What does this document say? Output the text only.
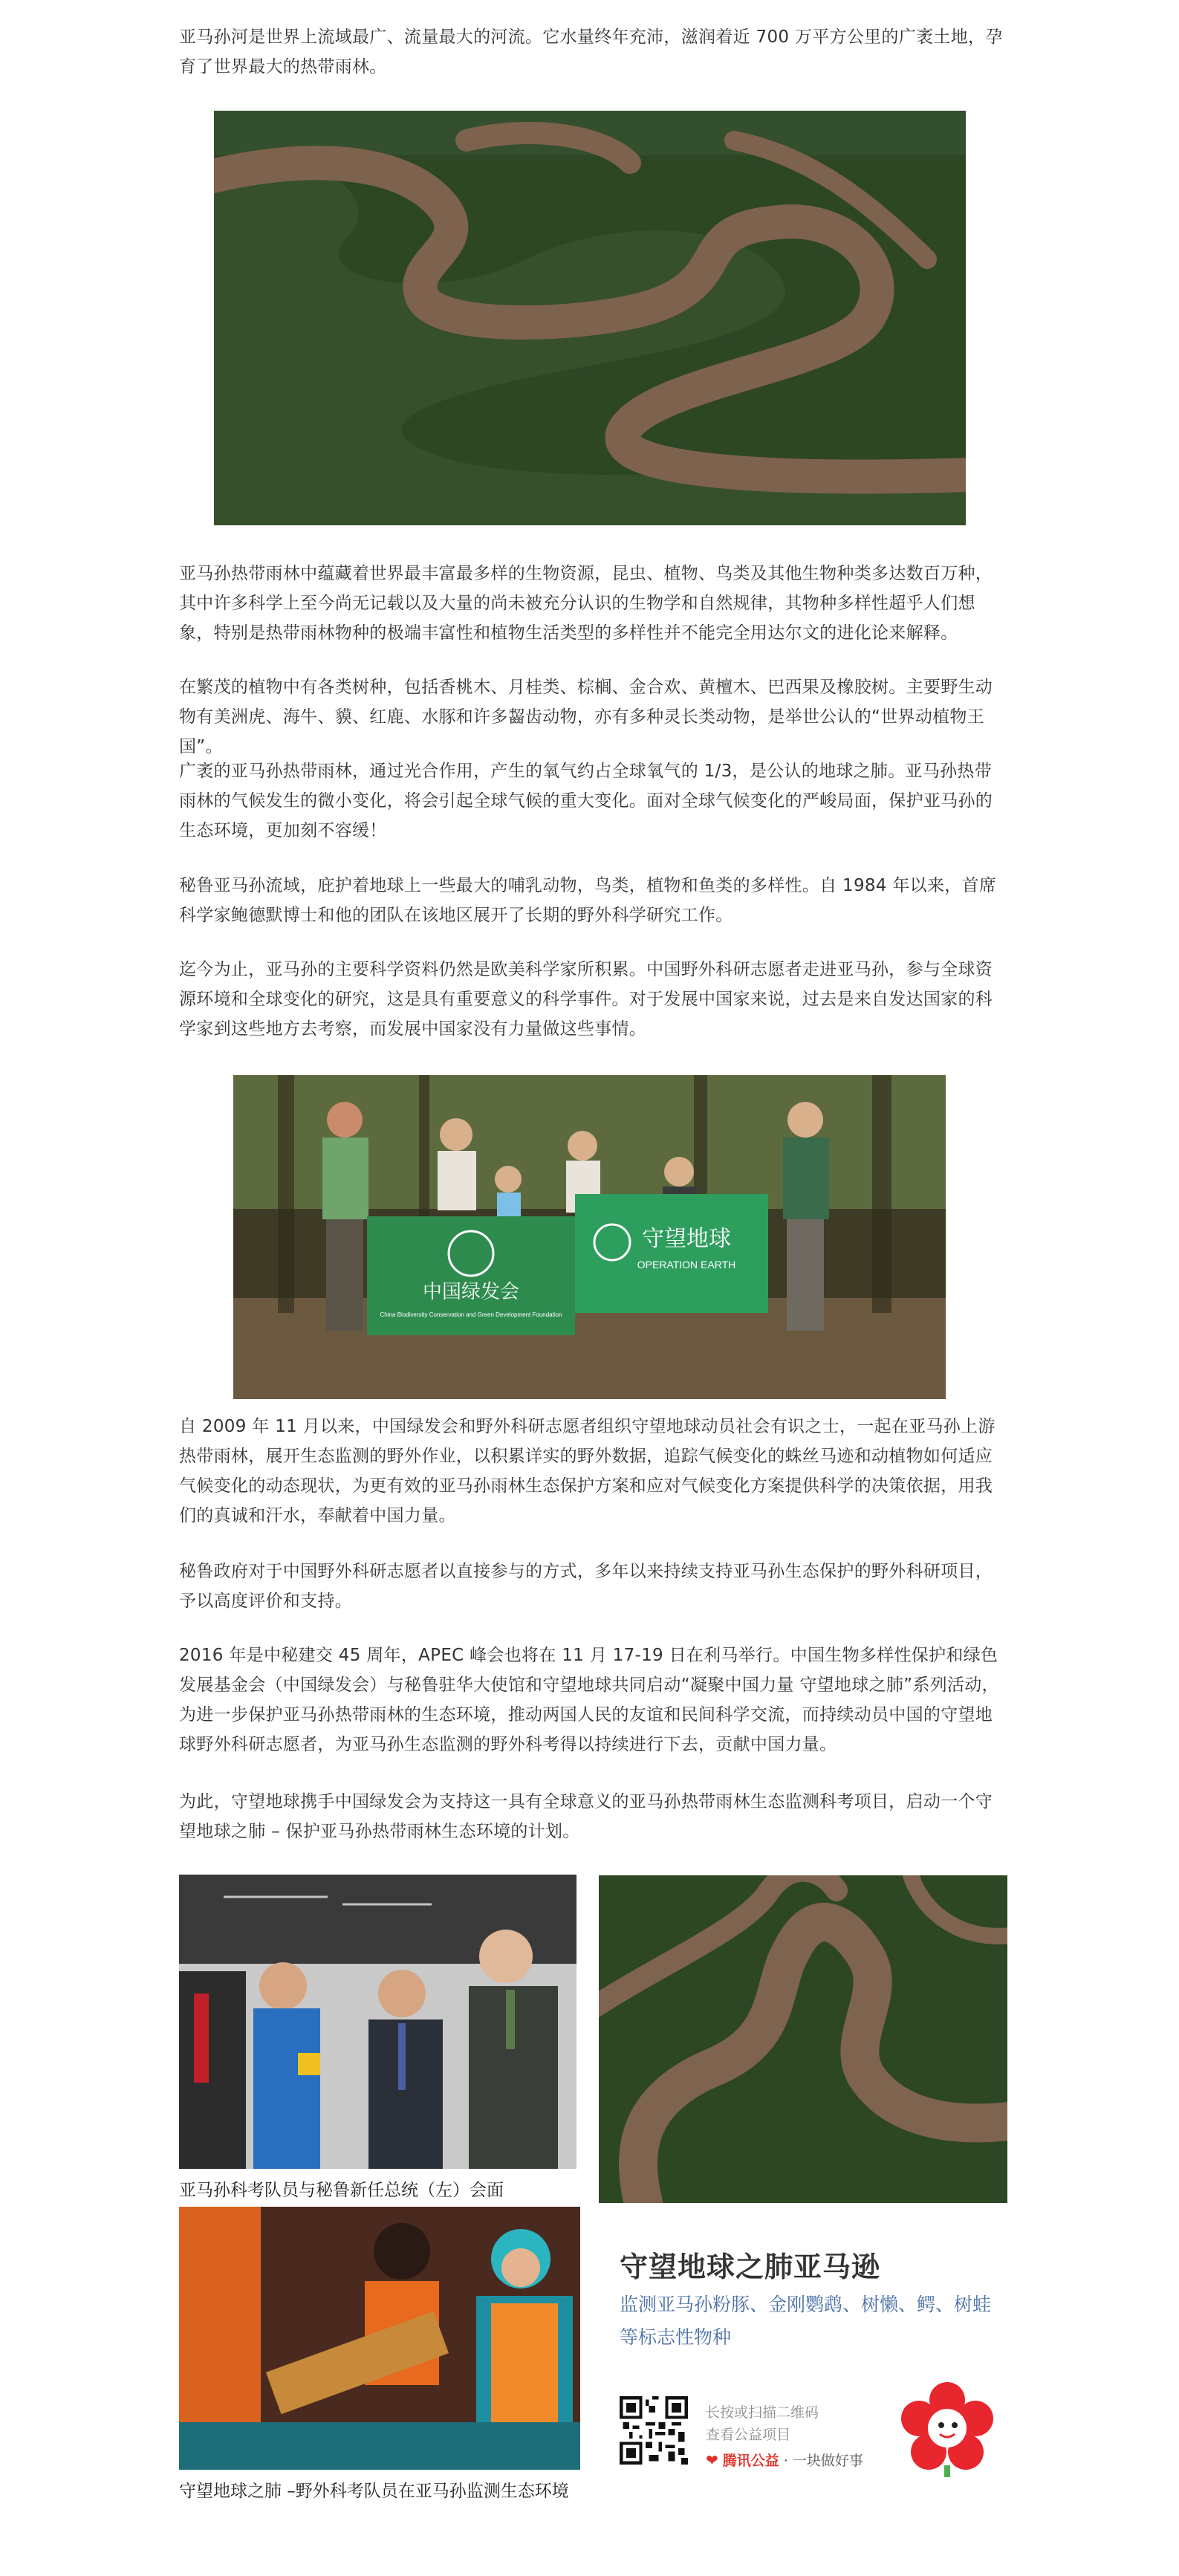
亚马孙河是世界上流域最广、流量最大的河流。它水量终年充沛，滋润着近 700 万平方公里的广袤土地，孕育了世界最大的热带雨林。

亚马孙热带雨林中蕴藏着世界最丰富最多样的生物资源，昆虫、植物、鸟类及其他生物种类多达数百万种，其中许多科学上至今尚无记载以及大量的尚未被充分认识的生物学和自然规律，其物种多样性超乎人们想象，特别是热带雨林物种的极端丰富性和植物生活类型的多样性并不能完全用达尔文的进化论来解释。

在繁茂的植物中有各类树种，包括香桃木、月桂类、棕榈、金合欢、黄檀木、巴西果及橡胶树。主要野生动物有美洲虎、海牛、貘、红鹿、水豚和许多齧齿动物，亦有多种灵长类动物，是举世公认的“世界动植物王国”。

广袤的亚马孙热带雨林，通过光合作用，产生的氧气约占全球氧气的 1/3，是公认的地球之肺。亚马孙热带雨林的气候发生的微小变化，将会引起全球气候的重大变化。面对全球气候变化的严峻局面，保护亚马孙的生态环境，更加刻不容缓！

秘鲁亚马孙流域，庇护着地球上一些最大的哺乳动物，鸟类，植物和鱼类的多样性。自 1984 年以来，首席科学家鲍德默博士和他的团队在该地区展开了长期的野外科学研究工作。

迄今为止，亚马孙的主要科学资料仍然是欧美科学家所积累。中国野外科研志愿者走进亚马孙，参与全球资源环境和全球变化的研究，这是具有重要意义的科学事件。对于发展中国家来说，过去是来自发达国家的科学家到这些地方去考察，而发展中国家没有力量做这些事情。

中国绿发会
China Biodiversity Conservation and Green Development Foundation
守望地球
OPERATION EARTH

自 2009 年 11 月以来，中国绿发会和野外科研志愿者组织守望地球动员社会有识之士，一起在亚马孙上游热带雨林，展开生态监测的野外作业，以积累详实的野外数据，追踪气候变化的蛛丝马迹和动植物如何适应气候变化的动态现状，为更有效的亚马孙雨林生态保护方案和应对气候变化方案提供科学的决策依据，用我们的真诚和汗水，奉献着中国力量。

秘鲁政府对于中国野外科研志愿者以直接参与的方式，多年以来持续支持亚马孙生态保护的野外科研项目，予以高度评价和支持。

2016 年是中秘建交 45 周年，APEC 峰会也将在 11 月 17-19 日在利马举行。中国生物多样性保护和绿色发展基金会（中国绿发会）与秘鲁驻华大使馆和守望地球共同启动“凝聚中国力量 守望地球之肺”系列活动，为进一步保护亚马孙热带雨林的生态环境，推动两国人民的友谊和民间科学交流，而持续动员中国的守望地球野外科研志愿者，为亚马孙生态监测的野外科考得以持续进行下去，贡献中国力量。

为此，守望地球携手中国绿发会为支持这一具有全球意义的亚马孙热带雨林生态监测科考项目，启动一个守望地球之肺 – 保护亚马孙热带雨林生态环境的计划。

亚马孙科考队员与秘鲁新任总统（左）会面
守望地球之肺 –野外科考队员在亚马孙监测生态环境
守望地球之肺亚马逊
监测亚马孙粉豚、金刚鹦鹉、树懒、鳄、树蛙等标志性物种
长按或扫描二维码
查看公益项目
❤ 腾讯公益 · 一块做好事
